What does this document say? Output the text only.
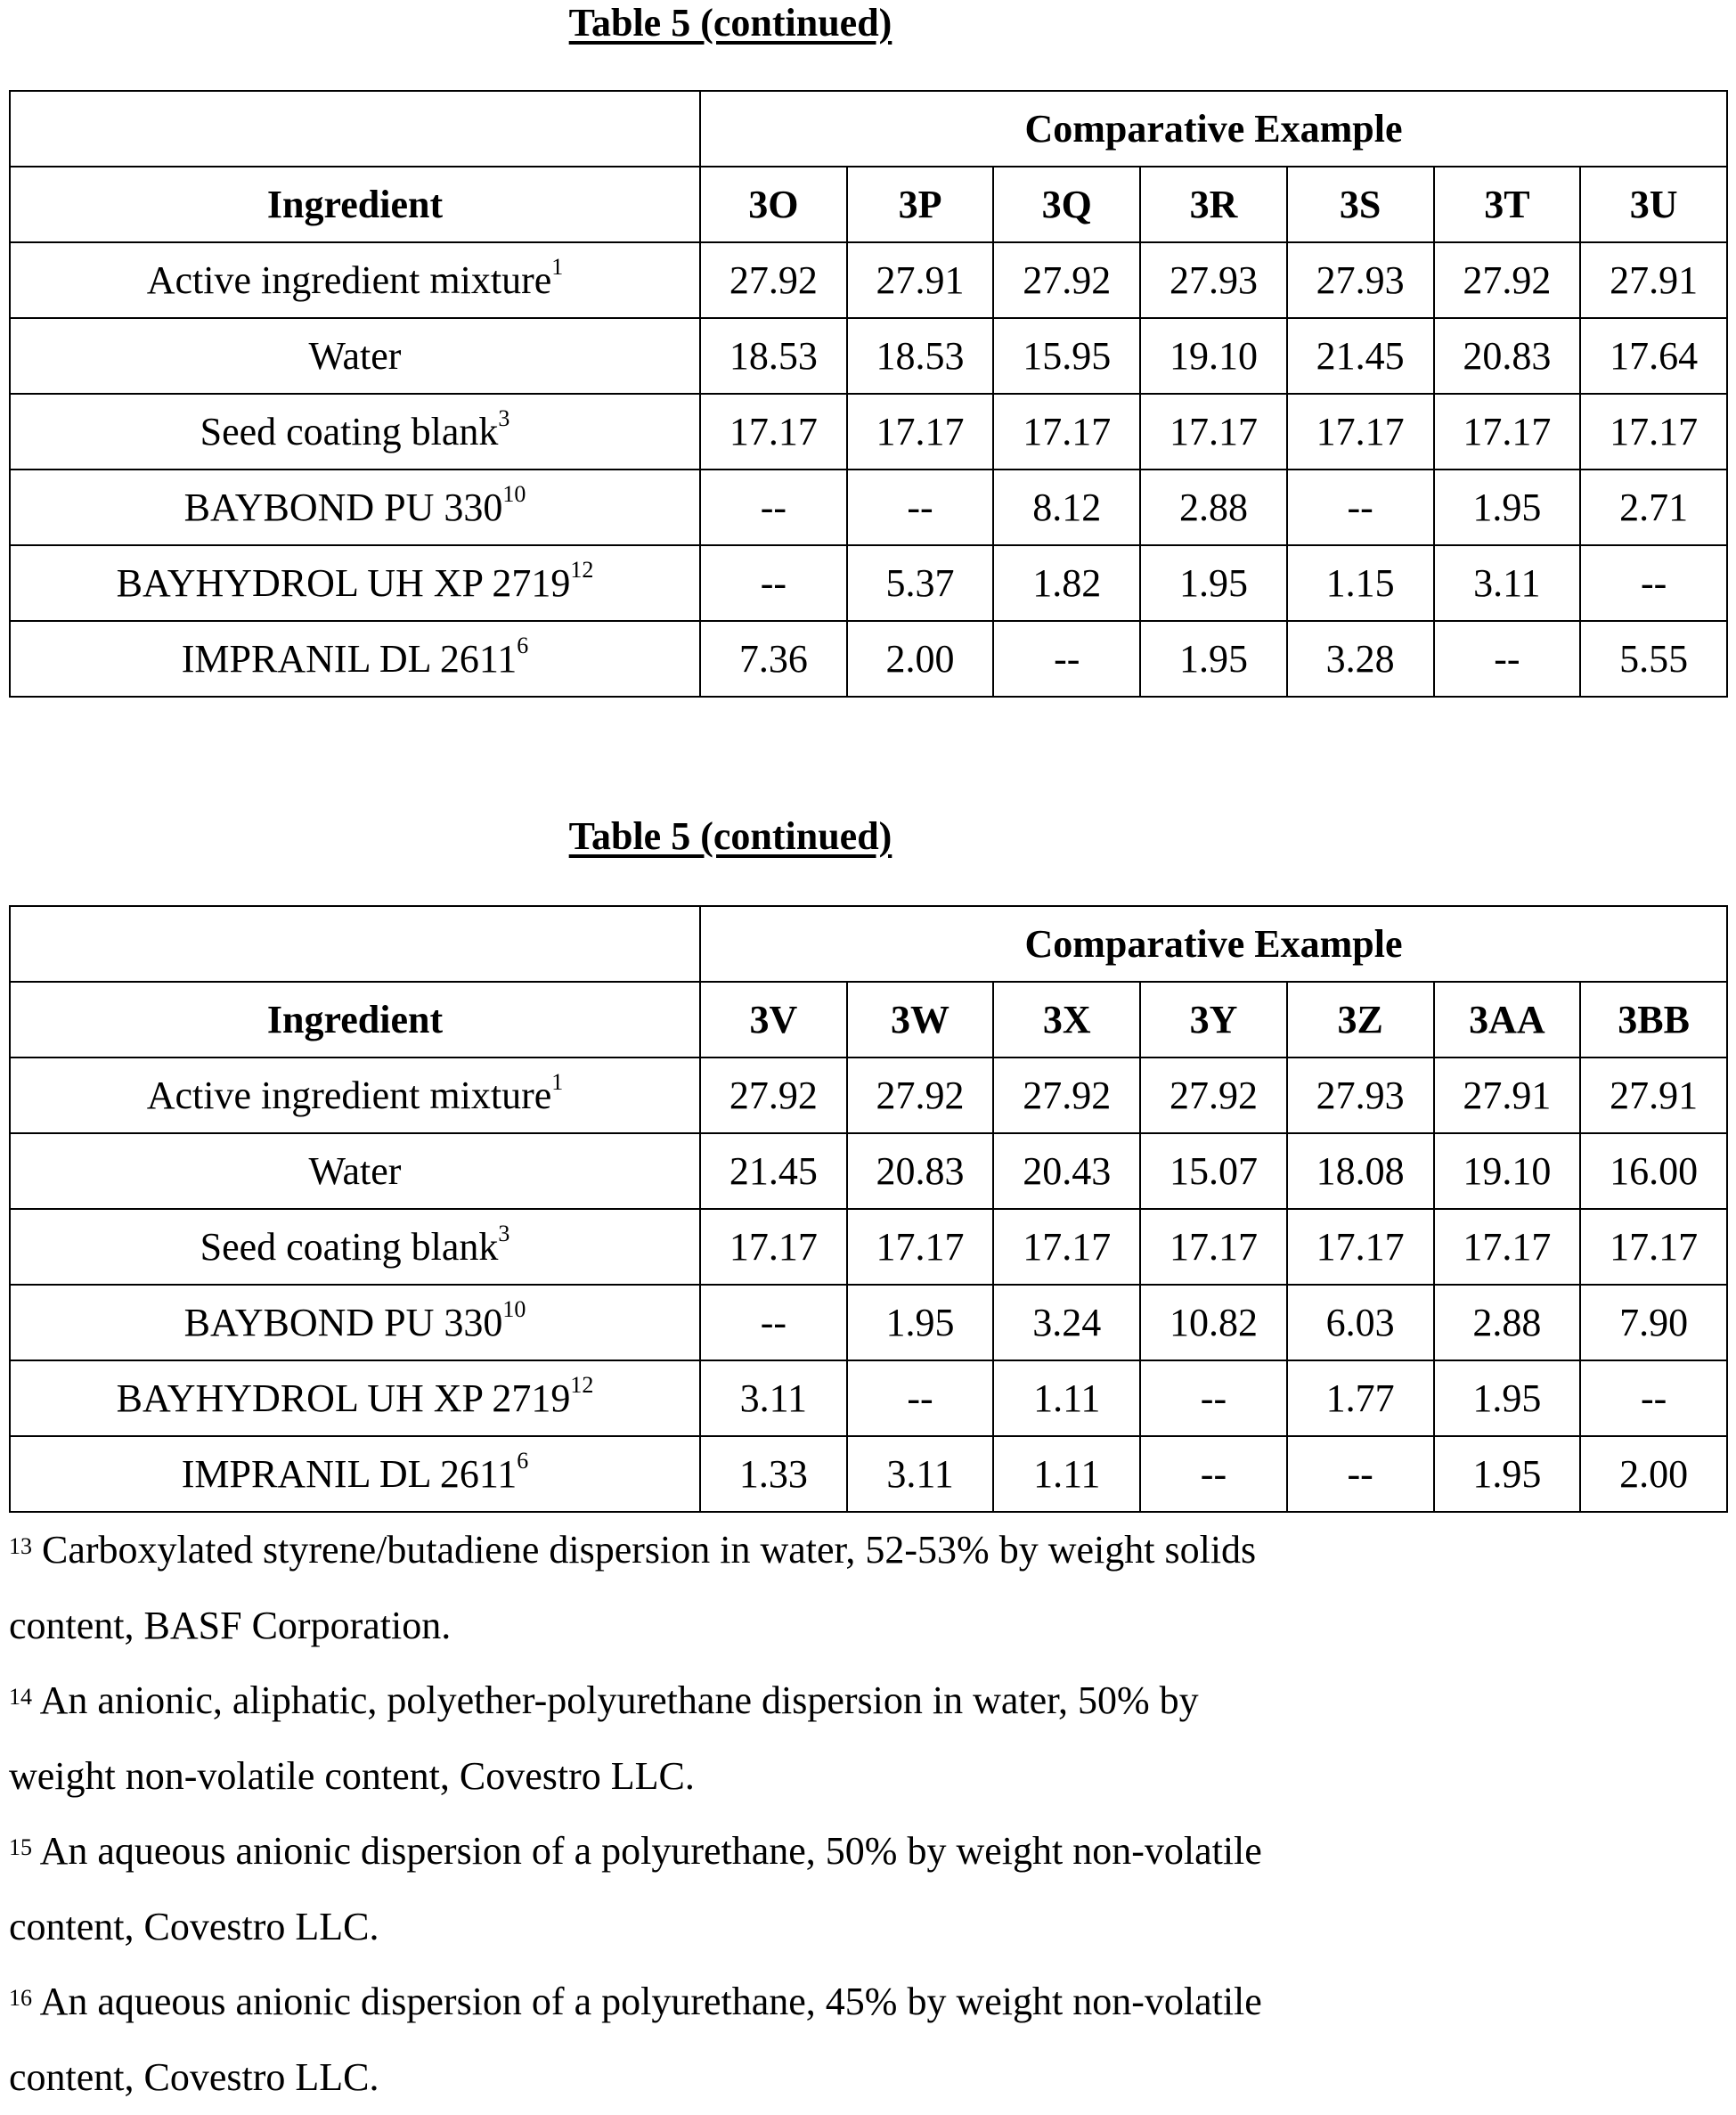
Table 5 (continued)
	Comparative Example
Ingredient	3O	3P	3Q	3R	3S	3T	3U
Active ingredient mixture1	27.92	27.91	27.92	27.93	27.93	27.92	27.91
Water	18.53	18.53	15.95	19.10	21.45	20.83	17.64
Seed coating blank3	17.17	17.17	17.17	17.17	17.17	17.17	17.17
BAYBOND PU 33010	--	--	8.12	2.88	--	1.95	2.71
BAYHYDROL UH XP 271912	--	5.37	1.82	1.95	1.15	3.11	--
IMPRANIL DL 26116	7.36	2.00	--	1.95	3.28	--	5.55
Table 5 (continued)
	Comparative Example
Ingredient	3V	3W	3X	3Y	3Z	3AA	3BB
Active ingredient mixture1	27.92	27.92	27.92	27.92	27.93	27.91	27.91
Water	21.45	20.83	20.43	15.07	18.08	19.10	16.00
Seed coating blank3	17.17	17.17	17.17	17.17	17.17	17.17	17.17
BAYBOND PU 33010	--	1.95	3.24	10.82	6.03	2.88	7.90
BAYHYDROL UH XP 271912	3.11	--	1.11	--	1.77	1.95	--
IMPRANIL DL 26116	1.33	3.11	1.11	--	--	1.95	2.00
13 Carboxylated styrene/butadiene dispersion in water, 52-53% by weight solids
content, BASF Corporation.
14 An anionic, aliphatic, polyether-polyurethane dispersion in water, 50% by
weight non-volatile content, Covestro LLC.
15 An aqueous anionic dispersion of a polyurethane, 50% by weight non-volatile
content, Covestro LLC.
16 An aqueous anionic dispersion of a polyurethane, 45% by weight non-volatile
content, Covestro LLC.
